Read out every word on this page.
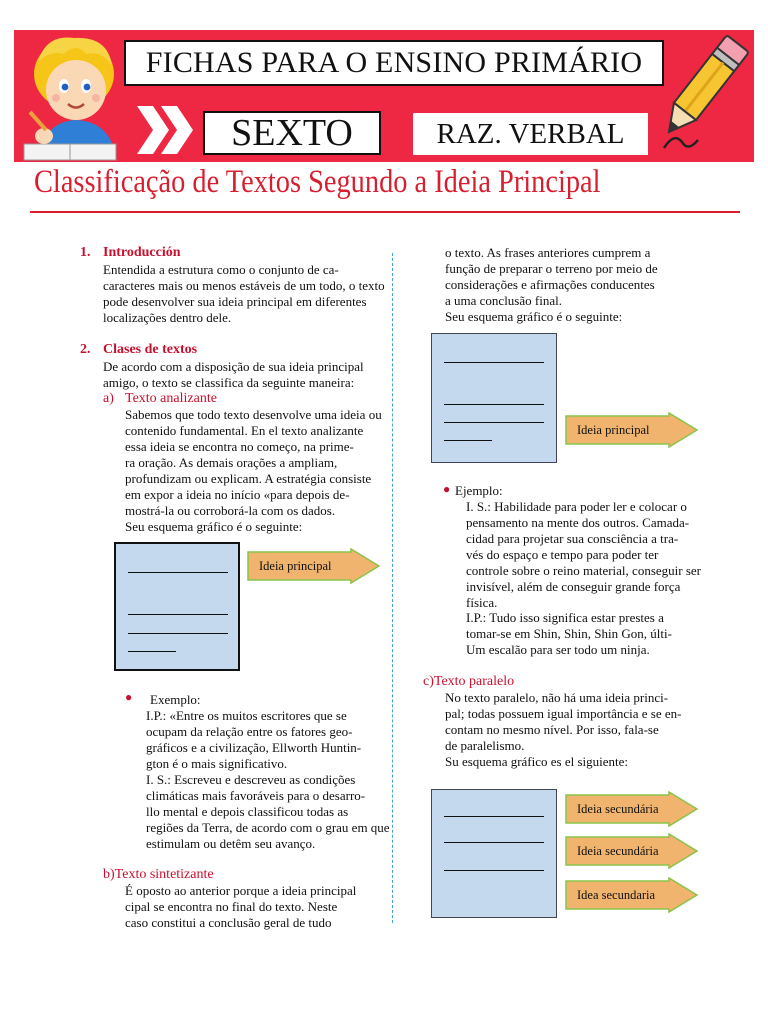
FICHAS PARA O ENSINO PRIMÁRIO
SEXTO	RAZ. VERBAL
Classificação de Textos Segundo a Ideia Principal
1. Introducción
Entendida a estrutura como o conjunto de ca-
caracteres mais ou menos estáveis de um todo, o texto
pode desenvolver sua ideia principal em diferentes
localizações dentro dele.
2. Clases de textos
De acordo com a disposição de sua ideia principal
amigo, o texto se classifica da seguinte maneira:
a) Texto analizante
Sabemos que todo texto desenvolve uma ideia ou
contenido fundamental. En el texto analizante
essa ideia se encontra no começo, na prime-
ra oração. As demais orações a ampliam,
profundizam ou explicam. A estratégia consiste
em expor a ideia no início «para depois de-
mostrá-la ou corroborá-la com os dados.
Seu esquema gráfico é o seguinte:
Ideia principal
● Exemplo:
I.P.: «Entre os muitos escritores que se
ocupam da relação entre os fatores geo-
gráficos e a civilização, Ellworth Huntin-
gton é o mais significativo.
I. S.: Escreveu e descreveu as condições
climáticas mais favoráveis para o desarro-
llo mental e depois classificou todas as
regiões da Terra, de acordo com o grau em que
estimulam ou detêm seu avanço.
b)Texto sintetizante
É oposto ao anterior porque a ideia principal
cipal se encontra no final do texto. Neste
caso constitui a conclusão geral de tudo
o texto. As frases anteriores cumprem a
função de preparar o terreno por meio de
considerações e afirmações conducentes
a uma conclusão final.
Seu esquema gráfico é o seguinte:
Ideia principal
● Ejemplo:
I. S.: Habilidade para poder ler e colocar o
pensamento na mente dos outros. Camada-
cidad para projetar sua consciência a tra-
vés do espaço e tempo para poder ter
controle sobre o reino material, conseguir ser
invisível, além de conseguir grande força
física.
I.P.: Tudo isso significa estar prestes a
tomar-se em Shin, Shin, Shin Gon, últi-
Um escalão para ser todo um ninja.
c)Texto paralelo
No texto paralelo, não há uma ideia princi-
pal; todas possuem igual importância e se en-
contam no mesmo nível. Por isso, fala-se
de paralelismo.
Su esquema gráfico es el siguiente:
Ideia secundária
Ideia secundária
Idea secundaria
